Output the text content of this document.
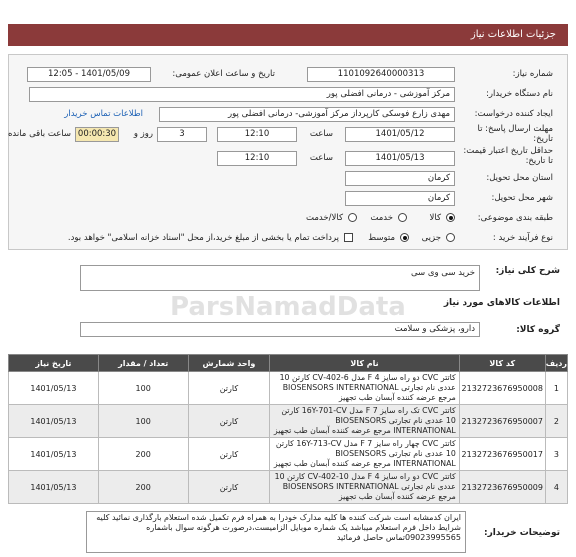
جزئيات اطلاعات نیاز
شماره نیاز:
1101092640000313
تاریخ و ساعت اعلان عمومی:
1401/05/09 - 12:05
نام دستگاه خریدار:
مرکز آموزشی - درمانی افضلی پور
ایجاد کننده درخواست:
مهدی زارع فوسکی کارپرداز مرکز آموزشی- درمانی افضلی پور
اطلاعات تماس خریدار
مهلت ارسال پاسخ: تا تاریخ:
1401/05/12
ساعت
12:10
3
روز و
00:00:30
ساعت باقی مانده
حداقل تاریخ اعتبار قیمت: تا تاریخ:
1401/05/13
ساعت
12:10
استان محل تحویل:
کرمان
شهر محل تحویل:
کرمان
طبقه بندی موضوعی:
کالا
خدمت
کالا/خدمت
نوع فرآیند خرید :
جزیی
متوسط
پرداخت تمام یا بخشی از مبلغ خرید،از محل "اسناد خزانه اسلامی" خواهد بود.
شرح کلی نیاز:
خرید سی وی سی
اطلاعات کالاهای مورد نیاز
گروه کالا:
دارو، پزشکی و سلامت
ردیف	کد کالا	نام کالا	واحد شمارش	تعداد / مقدار	تاریخ نیاز
1	2132723676950008	کاتتر CVC دو راه سایز 4 F مدل 6-402-CV کارتن 10 عددی نام تجارتی BIOSENSORS INTERNATIONAL مرجع عرضه کننده آبسان طب تجهیز	کارتن	100	1401/05/13
2	2132723676950007	کاتتر CVC تک راه سایز 7 F مدل 16Y-701-CV کارتن 10 عددی نام تجارتی BIOSENSORS INTERNATIONAL مرجع عرضه کننده آبسان طب تجهیز	کارتن	100	1401/05/13
3	2132723676950017	کاتتر CVC چهار راه سایز 7 F مدل 16Y-713-CV کارتن 10 عددی نام تجارتی BIOSENSORS INTERNATIONAL مرجع عرضه کننده آبسان طب تجهیز	کارتن	200	1401/05/13
4	2132723676950009	کاتتر CVC دو راه سایز 4 F مدل 10-402-CV کارتن 10 عددی نام تجارتی BIOSENSORS INTERNATIONAL مرجع عرضه کننده آبسان طب تجهیز	کارتن	200	1401/05/13
توضیحات خریدار:
ایران کدمشابه است شرکت کننده ها کلیه مدارک خودرا به همراه فرم تکمیل شده استعلام بارگذاری نمائید کلیه شرایط داخل فرم استعلام میباشد یک شماره موبایل الزامیست،درصورت هرگونه سوال باشماره 09023995565تماس حاصل فرمائید
ParsNamadData
